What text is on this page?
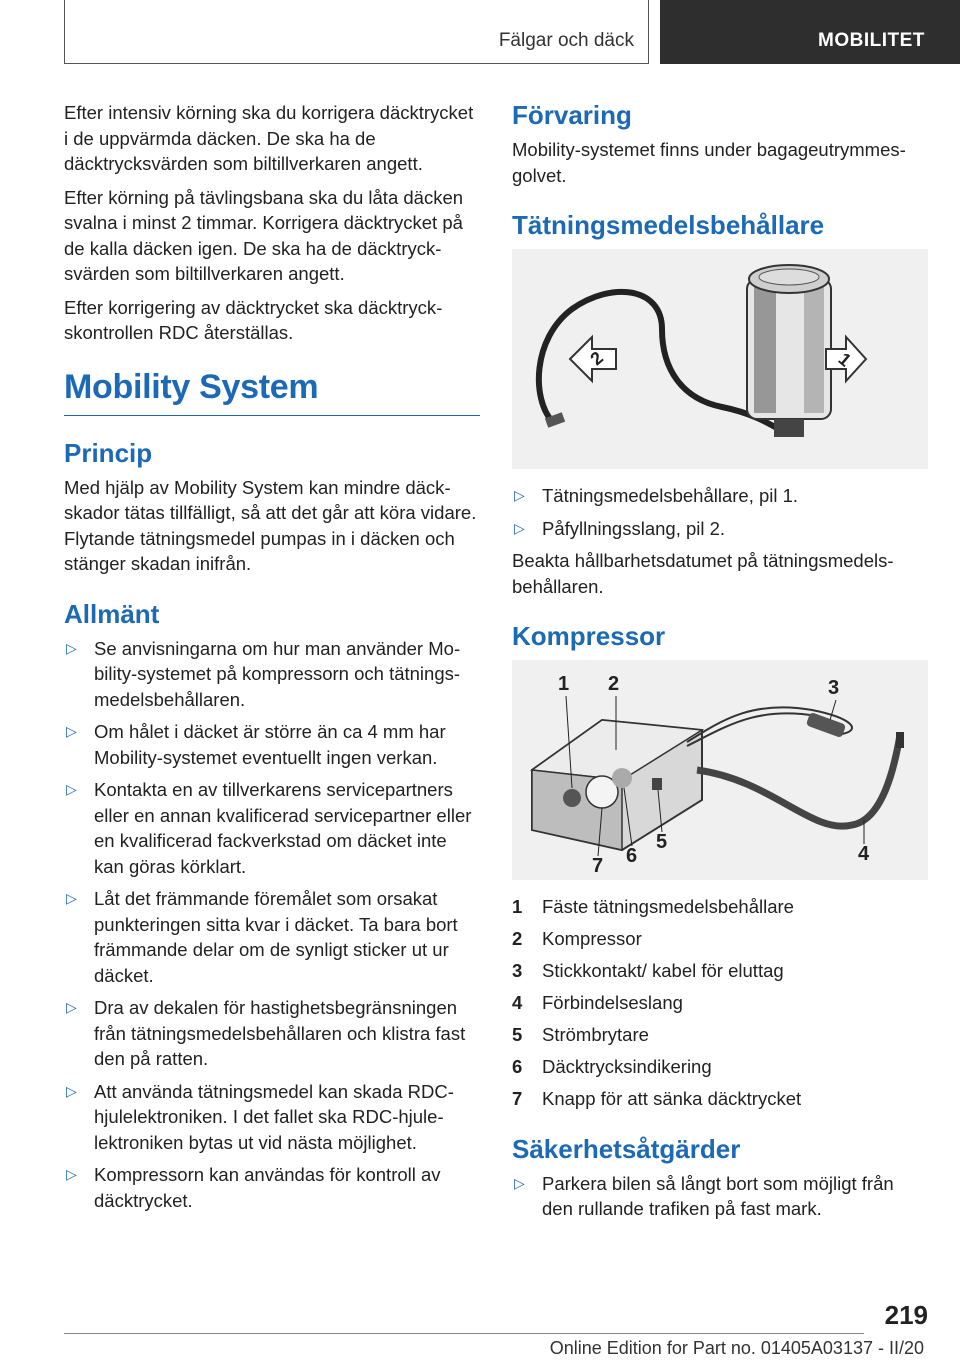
Fälgar och däck	MOBILITET

Efter intensiv körning ska du korrigera däcktrycket i de uppvärmda däcken. De ska ha de däcktrycksvärden som biltillverkaren angett.

Efter körning på tävlingsbana ska du låta däcken svalna i minst 2 timmar. Korrigera däcktrycket på de kalla däcken igen. De ska ha de däcktrycksvärden som biltillverkaren angett.

Efter korrigering av däcktrycket ska däcktryckskontrollen RDC återställas.

Mobility System
Princip

Med hjälp av Mobility System kan mindre däckskador tätas tillfälligt, så att det går att köra vidare. Flytande tätningsmedel pumpas in i däcken och stänger skadan inifrån.

Allmänt
▷ Se anvisningarna om hur man använder Mobility-systemet på kompressorn och tätningsmedelsbehållaren.
▷ Om hålet i däcket är större än ca 4 mm har Mobility-systemet eventuellt ingen verkan.
▷ Kontakta en av tillverkarens servicepartners eller en annan kvalificerad servicepartner eller en kvalificerad fackverkstad om däcket inte kan göras körklart.
▷ Låt det främmande föremålet som orsakat punkteringen sitta kvar i däcket. Ta bara bort främmande delar om de synligt sticker ut ur däcket.
▷ Dra av dekalen för hastighetsbegränsningen från tätningsmedelsbehållaren och klistra fast den på ratten.
▷ Att använda tätningsmedel kan skada RDC-hjulelektroniken. I det fallet ska RDC-hjulelektroniken bytas ut vid nästa möjlighet.
▷ Kompressorn kan användas för kontroll av däcktrycket.
Förvaring

Mobility-systemet finns under bagageutrymmesgolvet.

Tätningsmedelsbehållare
2	1
▷ Tätningsmedelsbehållare, pil 1.
▷ Påfyllningsslang, pil 2.

Beakta hållbarhetsdatumet på tätningsmedelsbehållaren.

Kompressor
1 2	3
4
5
6
7
1 Fäste tätningsmedelsbehållare
2 Kompressor
3 Stickkontakt/ kabel för eluttag
4 Förbindelseslang
5 Strömbrytare
6 Däcktrycksindikering
7 Knapp för att sänka däcktrycket
Säkerhetsåtgärder
▷ Parkera bilen så långt bort som möjligt från den rullande trafiken på fast mark.
219
Online Edition for Part no. 01405A03137 - II/20
